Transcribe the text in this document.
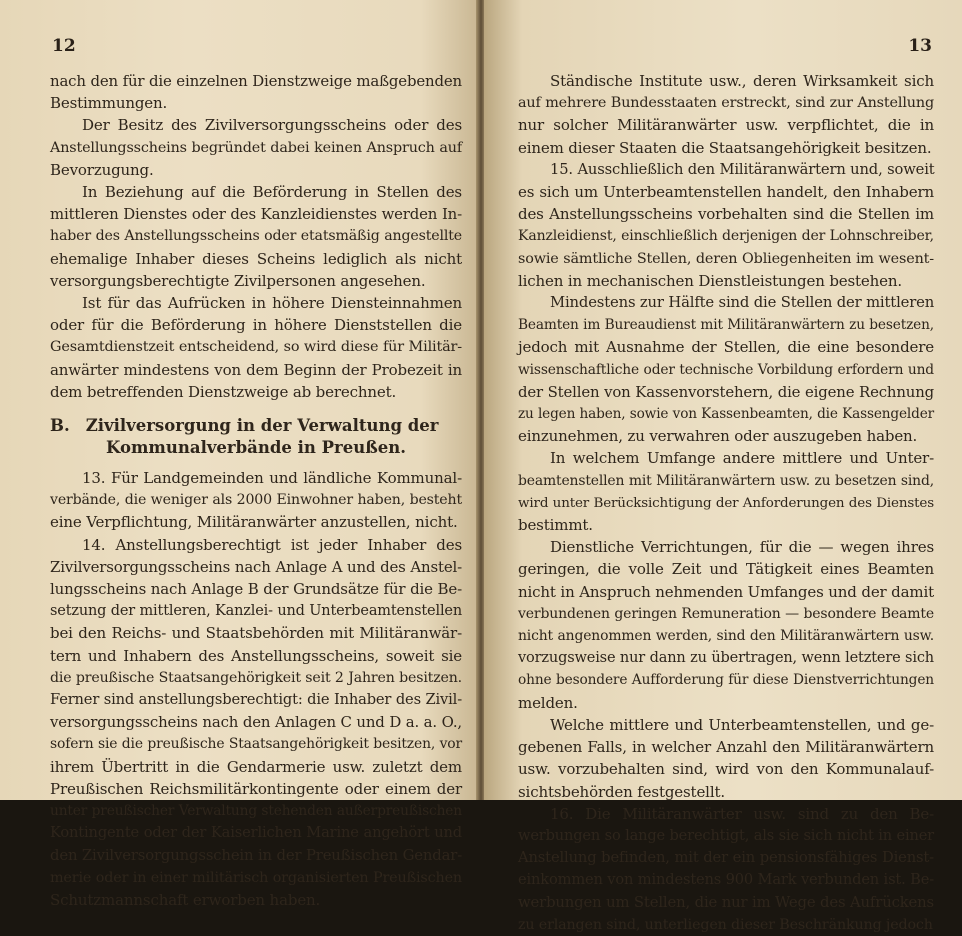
12

nach den für die einzelnen Dienstzweige maßgebenden

Bestimmungen.

Der Besitz des Zivilversorgungsscheins oder des

Anstellungsscheins begründet dabei keinen Anspruch auf

Bevorzugung.

In Beziehung auf die Beförderung in Stellen des

mittleren Dienstes oder des Kanzleidienstes werden In-

haber des Anstellungsscheins oder etatsmäßig angestellte

ehemalige Inhaber dieses Scheins lediglich als nicht

versorgungsberechtigte Zivilpersonen angesehen.

Ist für das Aufrücken in höhere Diensteinnahmen

oder für die Beförderung in höhere Dienststellen die

Gesamtdienstzeit entscheidend, so wird diese für Militär-

anwärter mindestens von dem Beginn der Probezeit in

dem betreffenden Dienstzweige ab berechnet.

B. Zivilversorgung in der Verwaltung der
Kommunalverbände in Preußen.

13. Für Landgemeinden und ländliche Kommunal-

verbände, die weniger als 2000 Einwohner haben, besteht

eine Verpflichtung, Militäranwärter anzustellen, nicht.

14. Anstellungsberechtigt ist jeder Inhaber des

Zivilversorgungsscheins nach Anlage A und des Anstel-

lungsscheins nach Anlage B der Grundsätze für die Be-

setzung der mittleren, Kanzlei- und Unterbeamtenstellen

bei den Reichs- und Staatsbehörden mit Militäranwär-

tern und Inhabern des Anstellungsscheins, soweit sie

die preußische Staatsangehörigkeit seit 2 Jahren besitzen.

Ferner sind anstellungsberechtigt: die Inhaber des Zivil-

versorgungsscheins nach den Anlagen C und D a. a. O.,

sofern sie die preußische Staatsangehörigkeit besitzen, vor

ihrem Übertritt in die Gendarmerie usw. zuletzt dem

Preußischen Reichsmilitärkontingente oder einem der

unter preußischer Verwaltung stehenden außerpreußischen

Kontingente oder der Kaiserlichen Marine angehört und

den Zivilversorgungsschein in der Preußischen Gendar-

merie oder in einer militärisch organisierten Preußischen

Schutzmannschaft erworben haben.

13

Ständische Institute usw., deren Wirksamkeit sich

auf mehrere Bundesstaaten erstreckt, sind zur Anstellung

nur solcher Militäranwärter usw. verpflichtet, die in

einem dieser Staaten die Staatsangehörigkeit besitzen.

15. Ausschließlich den Militäranwärtern und, soweit

es sich um Unterbeamtenstellen handelt, den Inhabern

des Anstellungsscheins vorbehalten sind die Stellen im

Kanzleidienst, einschließlich derjenigen der Lohnschreiber,

sowie sämtliche Stellen, deren Obliegenheiten im wesent-

lichen in mechanischen Dienstleistungen bestehen.

Mindestens zur Hälfte sind die Stellen der mittleren

Beamten im Bureaudienst mit Militäranwärtern zu besetzen,

jedoch mit Ausnahme der Stellen, die eine besondere

wissenschaftliche oder technische Vorbildung erfordern und

der Stellen von Kassenvorstehern, die eigene Rechnung

zu legen haben, sowie von Kassenbeamten, die Kassengelder

einzunehmen, zu verwahren oder auszugeben haben.

In welchem Umfange andere mittlere und Unter-

beamtenstellen mit Militäranwärtern usw. zu besetzen sind,

wird unter Berücksichtigung der Anforderungen des Dienstes

bestimmt.

Dienstliche Verrichtungen, für die — wegen ihres

geringen, die volle Zeit und Tätigkeit eines Beamten

nicht in Anspruch nehmenden Umfanges und der damit

verbundenen geringen Remuneration — besondere Beamte

nicht angenommen werden, sind den Militäranwärtern usw.

vorzugsweise nur dann zu übertragen, wenn letztere sich

ohne besondere Aufforderung für diese Dienstverrichtungen

melden.

Welche mittlere und Unterbeamtenstellen, und ge-

gebenen Falls, in welcher Anzahl den Militäranwärtern

usw. vorzubehalten sind, wird von den Kommunalauf-

sichtsbehörden festgestellt.

16. Die Militäranwärter usw. sind zu den Be-

werbungen so lange berechtigt, als sie sich nicht in einer

Anstellung befinden, mit der ein pensionsfähiges Dienst-

einkommen von mindestens 900 Mark verbunden ist. Be-

werbungen um Stellen, die nur im Wege des Aufrückens

zu erlangen sind, unterliegen dieser Beschränkung jedoch
